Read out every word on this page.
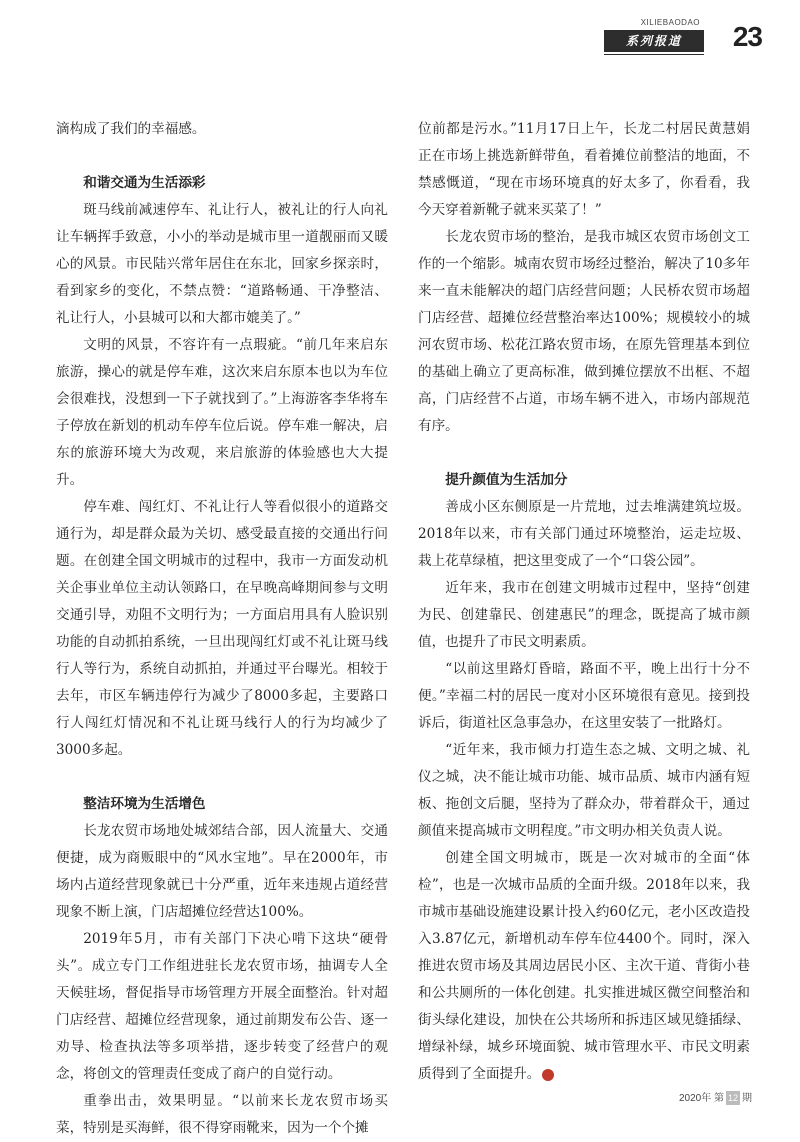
XILIEBAODAO
系列报道	23

滴构成了我们的幸福感。

和谐交通为生活添彩

斑马线前减速停车、礼让行人，被礼让的行人向礼让车辆挥手致意，小小的举动是城市里一道靓丽而又暖心的风景。市民陆兴常年居住在东北，回家乡探亲时，看到家乡的变化，不禁点赞：“道路畅通、干净整洁、礼让行人，小县城可以和大都市媲美了。”

文明的风景，不容许有一点瑕疵。“前几年来启东旅游，操心的就是停车难，这次来启东原本也以为车位会很难找，没想到一下子就找到了。”上海游客李华将车子停放在新划的机动车停车位后说。停车难一解决，启东的旅游环境大为改观，来启旅游的体验感也大大提升。

停车难、闯红灯、不礼让行人等看似很小的道路交通行为，却是群众最为关切、感受最直接的交通出行问题。在创建全国文明城市的过程中，我市一方面发动机关企事业单位主动认领路口，在早晚高峰期间参与文明交通引导，劝阻不文明行为；一方面启用具有人脸识别功能的自动抓拍系统，一旦出现闯红灯或不礼让斑马线行人等行为，系统自动抓拍，并通过平台曝光。相较于去年，市区车辆违停行为减少了8000多起，主要路口行人闯红灯情况和不礼让斑马线行人的行为均减少了3000多起。

整洁环境为生活增色

长龙农贸市场地处城郊结合部，因人流量大、交通便捷，成为商贩眼中的“风水宝地”。早在2000年，市场内占道经营现象就已十分严重，近年来违规占道经营现象不断上演，门店超摊位经营达100%。

2019年5月，市有关部门下决心啃下这块“硬骨头”。成立专门工作组进驻长龙农贸市场，抽调专人全天候驻场，督促指导市场管理方开展全面整治。针对超门店经营、超摊位经营现象，通过前期发布公告、逐一劝导、检查执法等多项举措，逐步转变了经营户的观念，将创文的管理责任变成了商户的自觉行动。

重拳出击，效果明显。“以前来长龙农贸市场买菜，特别是买海鲜，很不得穿雨靴来，因为一个个摊

位前都是污水。”11月17日上午，长龙二村居民黄慧娟正在市场上挑选新鲜带鱼，看着摊位前整洁的地面，不禁感慨道，“现在市场环境真的好太多了，你看看，我今天穿着新靴子就来买菜了！”

长龙农贸市场的整治，是我市城区农贸市场创文工作的一个缩影。城南农贸市场经过整治，解决了10多年来一直未能解决的超门店经营问题；人民桥农贸市场超门店经营、超摊位经营整治率达100%；规模较小的城河农贸市场、松花江路农贸市场，在原先管理基本到位的基础上确立了更高标准，做到摊位摆放不出框、不超高，门店经营不占道，市场车辆不进入，市场内部规范有序。

提升颜值为生活加分

善成小区东侧原是一片荒地，过去堆满建筑垃圾。2018年以来，市有关部门通过环境整治，运走垃圾、栽上花草绿植，把这里变成了一个“口袋公园”。

近年来，我市在创建文明城市过程中，坚持“创建为民、创建靠民、创建惠民”的理念，既提高了城市颜值，也提升了市民文明素质。

“以前这里路灯昏暗，路面不平，晚上出行十分不便。”幸福二村的居民一度对小区环境很有意见。接到投诉后，街道社区急事急办，在这里安装了一批路灯。

“近年来，我市倾力打造生态之城、文明之城、礼仪之城，决不能让城市功能、城市品质、城市内涵有短板、拖创文后腿，坚持为了群众办，带着群众干，通过颜值来提高城市文明程度。”市文明办相关负责人说。

创建全国文明城市，既是一次对城市的全面“体检”，也是一次城市品质的全面升级。2018年以来，我市城市基础设施建设累计投入约60亿元，老小区改造投入3.87亿元，新增机动车停车位4400个。同时，深入推进农贸市场及其周边居民小区、主次干道、背街小巷和公共厕所的一体化创建。扎实推进城区微空间整治和街头绿化建设，加快在公共场所和拆违区域见缝插绿、增绿补绿，城乡环境面貌、城市管理水平、市民文明素质得到了全面提升。	启

2020年 第 12 期
